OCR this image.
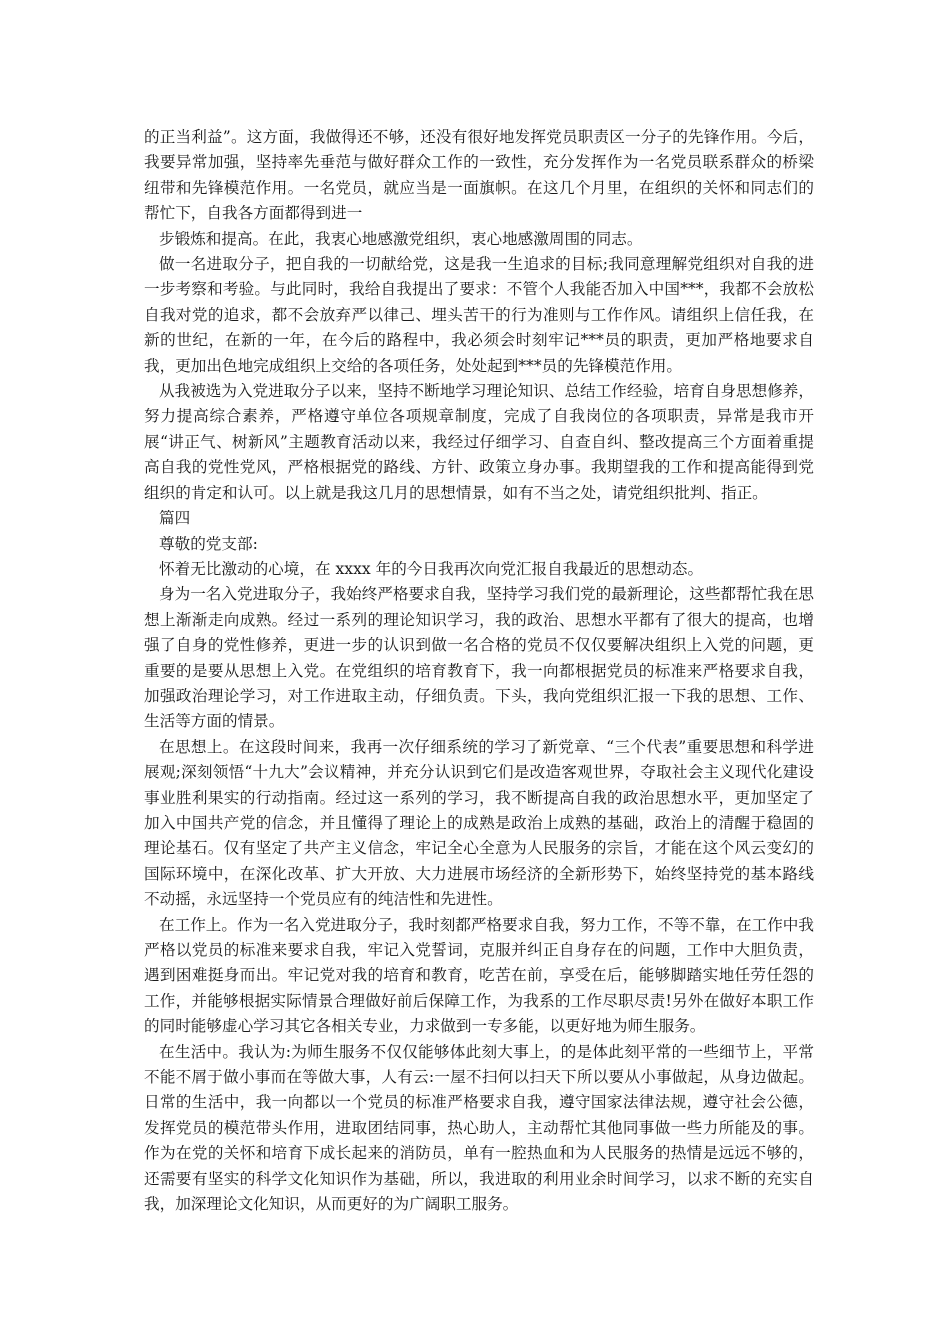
的正当利益”。这方面，我做得还不够，还没有很好地发挥党员职责区一分子的先锋作用。今后，我要异常加强，坚持率先垂范与做好群众工作的一致性，充分发挥作为一名党员联系群众的桥梁纽带和先锋模范作用。一名党员，就应当是一面旗帜。在这几个月里，在组织的关怀和同志们的帮忙下，自我各方面都得到进一

步锻炼和提高。在此，我衷心地感激党组织，衷心地感激周围的同志。

做一名进取分子，把自我的一切献给党，这是我一生追求的目标;我同意理解党组织对自我的进一步考察和考验。与此同时，我给自我提出了要求：不管个人我能否加入中国***，我都不会放松自我对党的追求，都不会放弃严以律己、埋头苦干的行为准则与工作作风。请组织上信任我，在新的世纪，在新的一年，在今后的路程中，我必须会时刻牢记***员的职责，更加严格地要求自我，更加出色地完成组织上交给的各项任务，处处起到***员的先锋模范作用。

从我被选为入党进取分子以来，坚持不断地学习理论知识、总结工作经验，培育自身思想修养，努力提高综合素养，严格遵守单位各项规章制度，完成了自我岗位的各项职责，异常是我市开展“讲正气、树新风”主题教育活动以来，我经过仔细学习、自查自纠、整改提高三个方面着重提高自我的党性党风，严格根据党的路线、方针、政策立身办事。我期望我的工作和提高能得到党组织的肯定和认可。以上就是我这几月的思想情景，如有不当之处，请党组织批判、指正。

篇四

尊敬的党支部:

怀着无比激动的心境，在 xxxx 年的今日我再次向党汇报自我最近的思想动态。

身为一名入党进取分子，我始终严格要求自我，坚持学习我们党的最新理论，这些都帮忙我在思想上渐渐走向成熟。经过一系列的理论知识学习，我的政治、思想水平都有了很大的提高，也增强了自身的党性修养，更进一步的认识到做一名合格的党员不仅仅要解决组织上入党的问题，更重要的是要从思想上入党。在党组织的培育教育下，我一向都根据党员的标准来严格要求自我，加强政治理论学习，对工作进取主动，仔细负责。下头，我向党组织汇报一下我的思想、工作、生活等方面的情景。

在思想上。在这段时间来，我再一次仔细系统的学习了新党章、“三个代表”重要思想和科学进展观;深刻领悟“十九大”会议精神，并充分认识到它们是改造客观世界，夺取社会主义现代化建设事业胜利果实的行动指南。经过这一系列的学习，我不断提高自我的政治思想水平，更加坚定了加入中国共产党的信念，并且懂得了理论上的成熟是政治上成熟的基础，政治上的清醒于稳固的理论基石。仅有坚定了共产主义信念，牢记全心全意为人民服务的宗旨，才能在这个风云变幻的国际环境中，在深化改革、扩大开放、大力进展市场经济的全新形势下，始终坚持党的基本路线不动摇，永远坚持一个党员应有的纯洁性和先进性。

在工作上。作为一名入党进取分子，我时刻都严格要求自我，努力工作，不等不靠，在工作中我严格以党员的标准来要求自我，牢记入党誓词，克服并纠正自身存在的问题，工作中大胆负责，遇到困难挺身而出。牢记党对我的培育和教育，吃苦在前，享受在后，能够脚踏实地任劳任怨的工作，并能够根据实际情景合理做好前后保障工作，为我系的工作尽职尽责!另外在做好本职工作的同时能够虚心学习其它各相关专业，力求做到一专多能，以更好地为师生服务。

在生活中。我认为:为师生服务不仅仅能够体此刻大事上，的是体此刻平常的一些细节上，平常不能不屑于做小事而在等做大事，人有云:一屋不扫何以扫天下所以要从小事做起，从身边做起。日常的生活中，我一向都以一个党员的标准严格要求自我，遵守国家法律法规，遵守社会公德，发挥党员的模范带头作用，进取团结同事，热心助人，主动帮忙其他同事做一些力所能及的事。作为在党的关怀和培育下成长起来的消防员，单有一腔热血和为人民服务的热情是远远不够的，还需要有坚实的科学文化知识作为基础，所以，我进取的利用业余时间学习，以求不断的充实自我，加深理论文化知识，从而更好的为广阔职工服务。
